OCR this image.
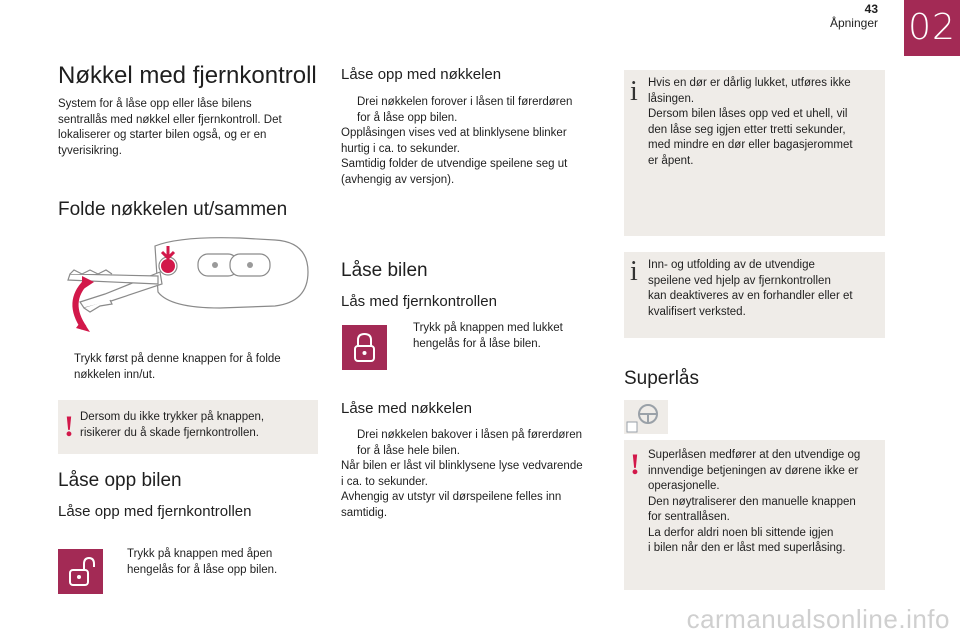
43
Åpninger 02
Nøkkel med fjernkontroll

System for å låse opp eller låse bilens

sentrallås med nøkkel eller fjernkontroll. Det

lokaliserer og starter bilen også, og er en

tyverisikring.

Folde nøkkelen ut/sammen
Trykk først på denne knappen for å folde
nøkkelen inn/ut.
! Dersom du ikke trykker på knappen,
risikerer du å skade fjernkontrollen.
Låse opp bilen
Låse opp med fjernkontrollen
Trykk på knappen med åpen
hengelås for å låse opp bilen.
Låse opp med nøkkelen
Drei nøkkelen forover i låsen til førerdøren
for å låse opp bilen.

Opplåsingen vises ved at blinklysene blinker

hurtig i ca. to sekunder.

Samtidig folder de utvendige speilene seg ut

(avhengig av versjon).

Låse bilen
Lås med fjernkontrollen
Trykk på knappen med lukket
hengelås for å låse bilen.
Låse med nøkkelen
Drei nøkkelen bakover i låsen på førerdøren
for å låse hele bilen.

Når bilen er låst vil blinklysene lyse vedvarende

i ca. to sekunder.

Avhengig av utstyr vil dørspeilene felles inn

samtidig.

i Hvis en dør er dårlig lukket, utføres ikke
låsingen.
Dersom bilen låses opp ved et uhell, vil
den låse seg igjen etter tretti sekunder,
med mindre en dør eller bagasjerommet
er åpent.
i Inn- og utfolding av de utvendige
speilene ved hjelp av fjernkontrollen
kan deaktiveres av en forhandler eller et
kvalifisert verksted.
Superlås
! Superlåsen medfører at den utvendige og
innvendige betjeningen av dørene ikke er
operasjonelle.
Den nøytraliserer den manuelle knappen
for sentrallåsen.
La derfor aldri noen bli sittende igjen
i bilen når den er låst med superlåsing.
carmanualsonline.info
